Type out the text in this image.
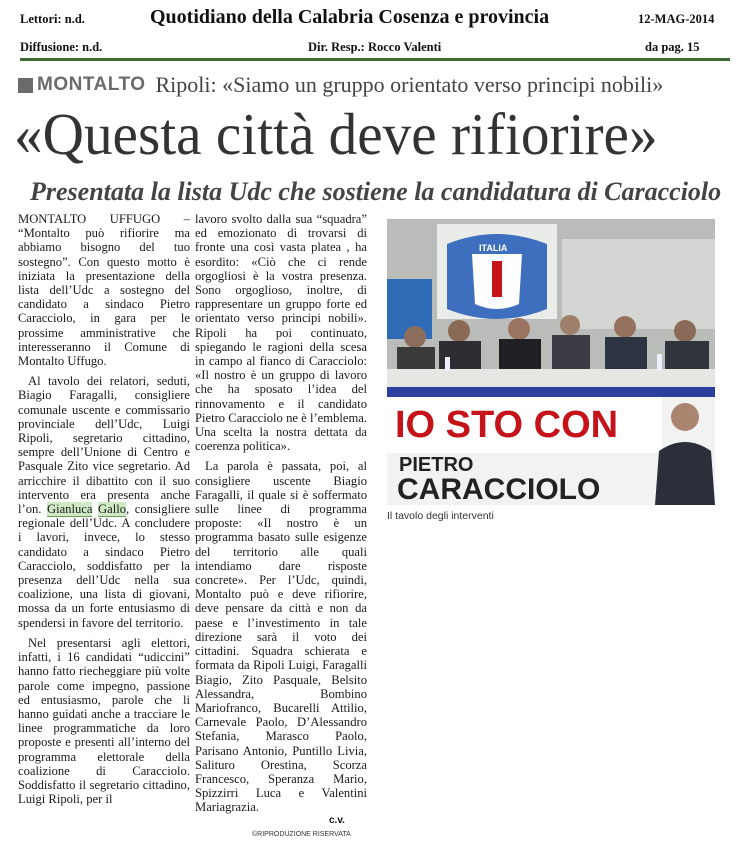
Lettori: n.d.	Quotidiano della Calabria Cosenza e provincia	12-MAG-2014
Diffusione: n.d.	Dir. Resp.: Rocco Valenti	da pag. 15
MONTALTO Ripoli: «Siamo un gruppo orientato verso principi nobili»
«Questa città deve rifiorire»
Presentata la lista Udc che sostiene la candidatura di Caracciolo

MONTALTO UFFUGO – “Montalto può rifiorire ma abbiamo bisogno del tuo sostegno”. Con questo motto è iniziata la presentazione della lista dell’Udc a sostegno del candidato a sindaco Pietro Caracciolo, in gara per le prossime amministrative che interesseranno il Comune di Montalto Uffugo.

Al tavolo dei relatori, seduti, Biagio Faragalli, consigliere comunale uscente e commissario provinciale dell’Udc, Luigi Ripoli, segretario cittadino, sempre dell’Unione di Centro e Pasquale Zito vice segretario. Ad arricchire il dibattito con il suo intervento era presenta anche l’on. Gianluca Gallo, consigliere regionale dell’Udc. A concludere i lavori, invece, lo stesso candidato a sindaco Pietro Caracciolo, soddisfatto per la presenza dell’Udc nella sua coalizione, una lista di giovani, mossa da un forte entusiasmo di spendersi in favore del territorio.

Nel presentarsi agli elettori, infatti, i 16 candidati “udiccini” hanno fatto riecheggiare più volte parole come impegno, passione ed entusiasmo, parole che li hanno guidati anche a tracciare le linee programmatiche da loro proposte e presenti all’interno del programma elettorale della coalizione di Caracciolo. Soddisfatto il segretario cittadino, Luigi Ripoli, per il

lavoro svolto dalla sua “squadra” ed emozionato di trovarsi di fronte una così vasta platea , ha esordito: «Ciò che ci rende orgogliosi è la vostra presenza. Sono orgoglioso, inoltre, di rappresentare un gruppo forte ed orientato verso principi nobili». Ripoli ha poi continuato, spiegando le ragioni della scesa in campo al fianco di Caracciolo: «Il nostro è un gruppo di lavoro che ha sposato l’idea del rinnovamento e il candidato Pietro Caracciolo ne è l’emblema. Una scelta la nostra dettata da coerenza politica».

La parola è passata, poi, al consigliere uscente Biagio Faragalli, il quale si è soffermato sulle linee di programma proposte: «Il nostro è un programma basato sulle esigenze del territorio alle quali intendiamo dare risposte concrete». Per l’Udc, quindi, Montalto può e deve rifiorire, deve pensare da città e non da paese e l’investimento in tale direzione sarà il voto dei cittadini. Squadra schierata e formata da Ripoli Luigi, Faragalli Biagio, Zito Pasquale, Belsito Alessandra, Bombino Mariofranco, Bucarelli Attilio, Carnevale Paolo, D’Alessandro Stefania, Marasco Paolo, Parisano Antonio, Puntillo Livia, Salituro Orestina, Scorza Francesco, Speranza Mario, Spizzirri Luca e Valentini Mariagrazia.

c.v.
©RIPRODUZIONE RISERVATA
ITALIA
IO STO CON
PIETRO
CARACCIOLO
Il tavolo degli interventi
